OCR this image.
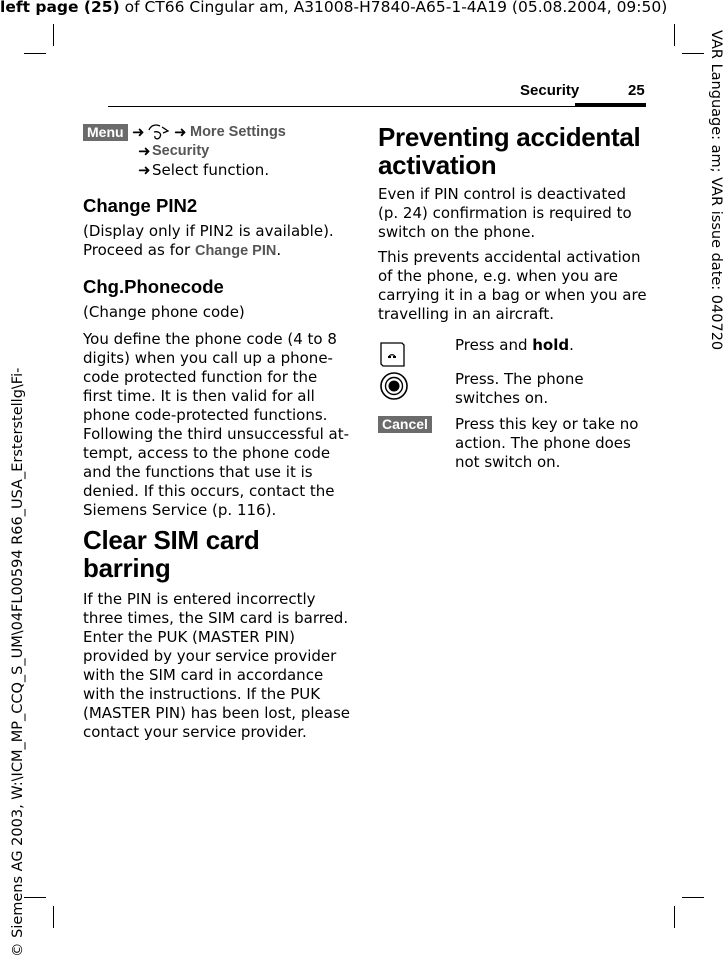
left page (25) of CT66 Cingular am, A31008-H7840-A65-1-4A19 (05.08.2004, 09:50)
VAR Language: am; VAR issue date: 040720
© Siemens AG 2003, W:\ICM_MP_CCQ_S_UM\04FL00594 R66_USA_Ersterstellg\Fi-
Security	25
Menu ➜ ➜ More Settings
➜ Security
➜ Select function.

Change PIN2

(Display only if PIN2 is available). Proceed as for Change PIN.

Chg.Phonecode

(Change phone code)

You define the phone code (4 to 8 digits) when you call up a phone-code protected function for the first time. It is then valid for all phone code-protected functions. Following the third unsuccessful attempt, access to the phone code and the functions that use it is denied. If this occurs, contact the Siemens Service (p. 116).

Clear SIM card barring

If the PIN is entered incorrectly three times, the SIM card is barred. Enter the PUK (MASTER PIN) provided by your service provider with the SIM card in accordance with the instructions. If the PUK (MASTER PIN) has been lost, please contact your service provider.

Preventing accidental activation

Even if PIN control is deactivated (p. 24) confirmation is required to switch on the phone.

This prevents accidental activation of the phone, e.g. when you are carrying it in a bag or when you are travelling in an aircraft.

Press and hold.
Press. The phone switches on.
Cancel Press this key or take no action. The phone does not switch on.
